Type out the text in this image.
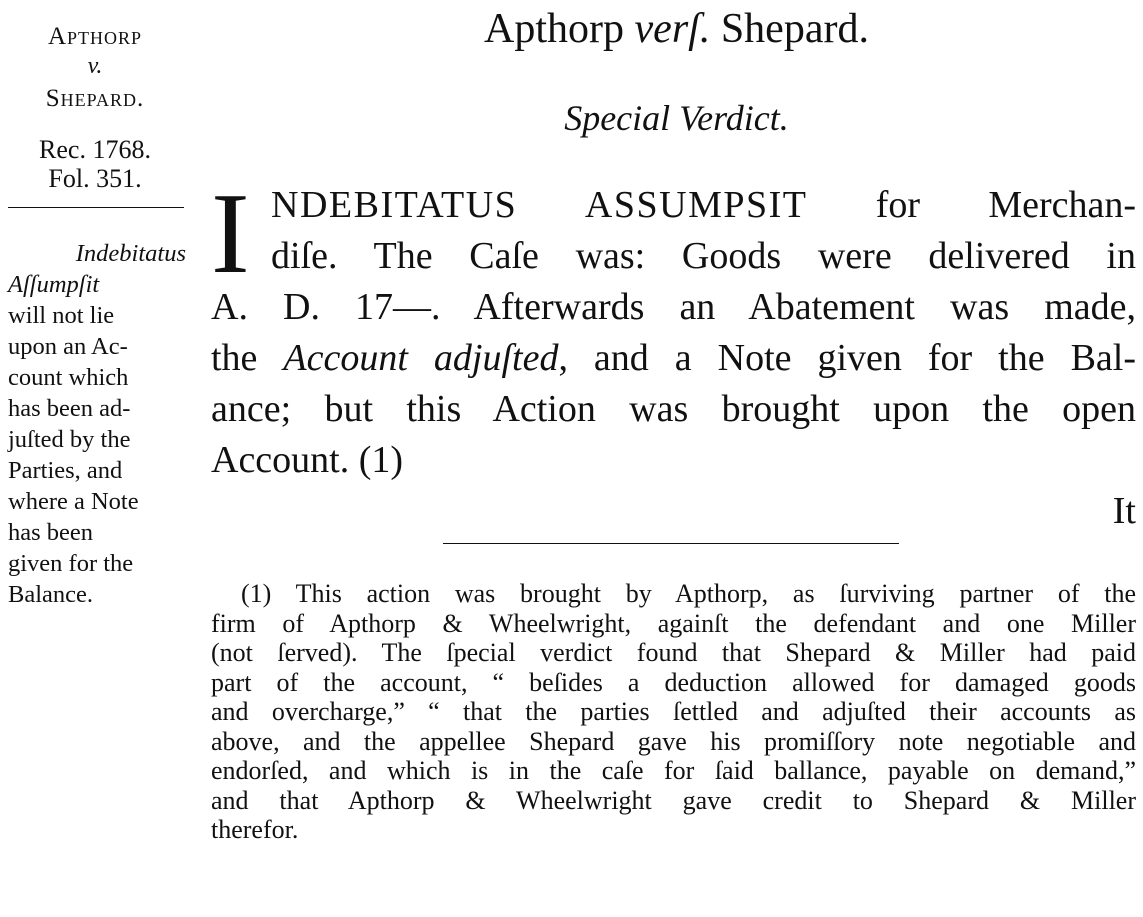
Apthorp
v.
Shepard.
Rec. 1768.
Fol. 351.
Indebitatus
Aſſumpſit
will not lie
upon an Ac-
count which
has been ad-
juſted by the
Parties, and
where a Note
has been
given for the
Balance.
Apthorp verſ. Shepard.
Special Verdict.
I NDEBITATUS ASSUMPSIT for Merchan-
diſe. The Caſe was: Goods were delivered in
A. D. 17—. Afterwards an Abatement was made,
the Account adjuſted, and a Note given for the Bal-
ance; but this Action was brought upon the open
Account. (1)
It
(1) This action was brought by Apthorp, as ſurviving partner of the
firm of Apthorp & Wheelwright, againſt the defendant and one Miller
(not ſerved). The ſpecial verdict found that Shepard & Miller had paid
part of the account, “ beſides a deduction allowed for damaged goods
and overcharge,” “ that the parties ſettled and adjuſted their accounts as
above, and the appellee Shepard gave his promiſſory note negotiable and
endorſed, and which is in the caſe for ſaid ballance, payable on demand,”
and that Apthorp & Wheelwright gave credit to Shepard & Miller
therefor.
